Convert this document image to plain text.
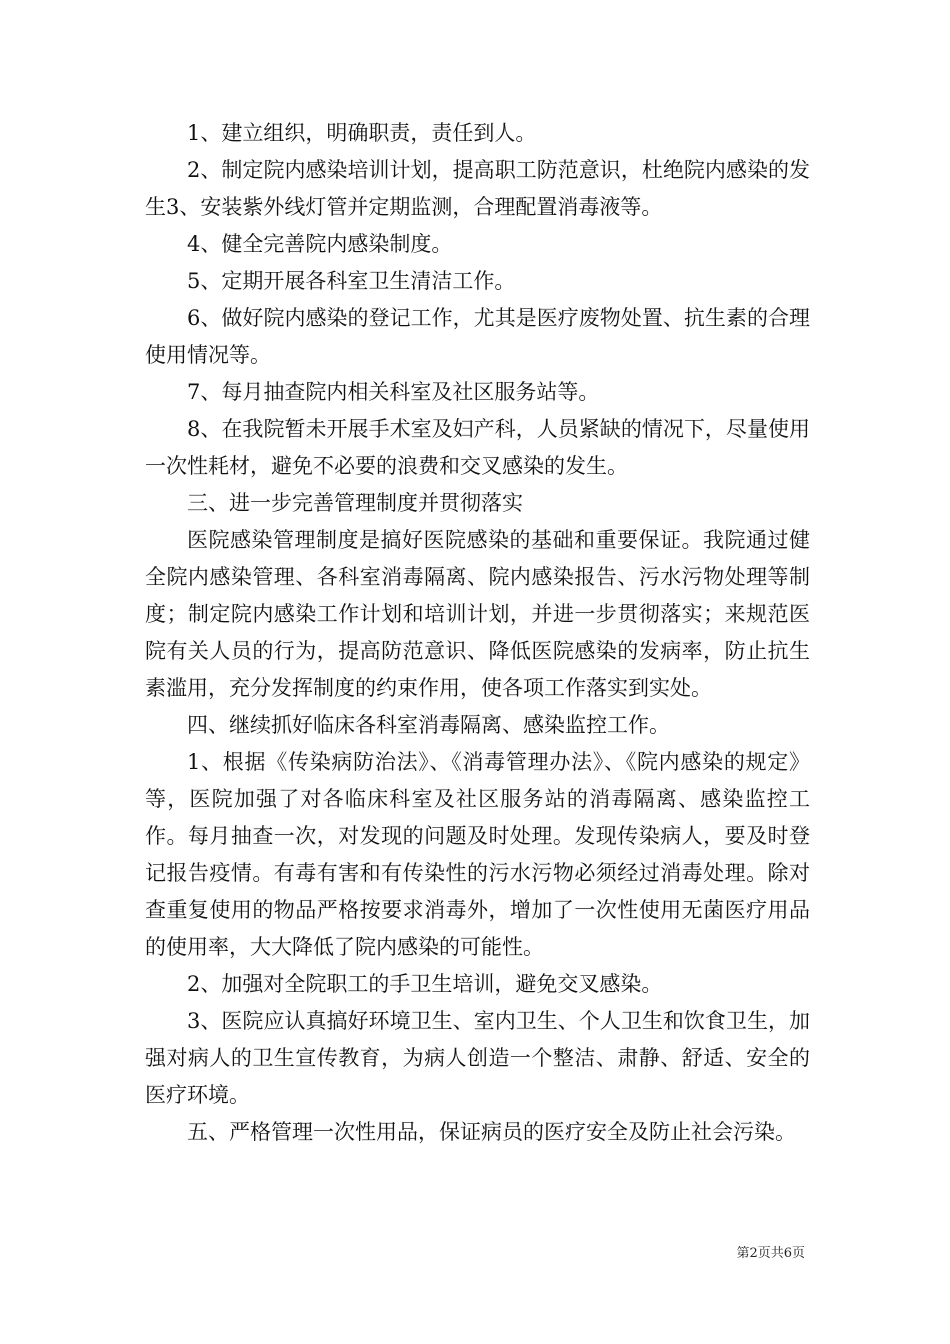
1、建立组织，明确职责，责任到人。

2、制定院内感染培训计划，提高职工防范意识，杜绝院内感染的发生3、安装紫外线灯管并定期监测，合理配置消毒液等。

4、健全完善院内感染制度。

5、定期开展各科室卫生清洁工作。

6、做好院内感染的登记工作，尤其是医疗废物处置、抗生素的合理使用情况等。

7、每月抽查院内相关科室及社区服务站等。

8、在我院暂未开展手术室及妇产科，人员紧缺的情况下，尽量使用一次性耗材，避免不必要的浪费和交叉感染的发生。

三、进一步完善管理制度并贯彻落实

医院感染管理制度是搞好医院感染的基础和重要保证。我院通过健全院内感染管理、各科室消毒隔离、院内感染报告、污水污物处理等制度；制定院内感染工作计划和培训计划，并进一步贯彻落实；来规范医院有关人员的行为，提高防范意识、降低医院感染的发病率，防止抗生素滥用，充分发挥制度的约束作用，使各项工作落实到实处。

四、继续抓好临床各科室消毒隔离、感染监控工作。

1、根据《传染病防治法》、《消毒管理办法》、《院内感染的规定》等，医院加强了对各临床科室及社区服务站的消毒隔离、感染监控工作。每月抽查一次，对发现的问题及时处理。发现传染病人，要及时登记报告疫情。有毒有害和有传染性的污水污物必须经过消毒处理。除对查重复使用的物品严格按要求消毒外，增加了一次性使用无菌医疗用品的使用率，大大降低了院内感染的可能性。

2、加强对全院职工的手卫生培训，避免交叉感染。

3、医院应认真搞好环境卫生、室内卫生、个人卫生和饮食卫生，加强对病人的卫生宣传教育，为病人创造一个整洁、肃静、舒适、安全的医疗环境。

五、严格管理一次性用品，保证病员的医疗安全及防止社会污染。

第2页共6页
